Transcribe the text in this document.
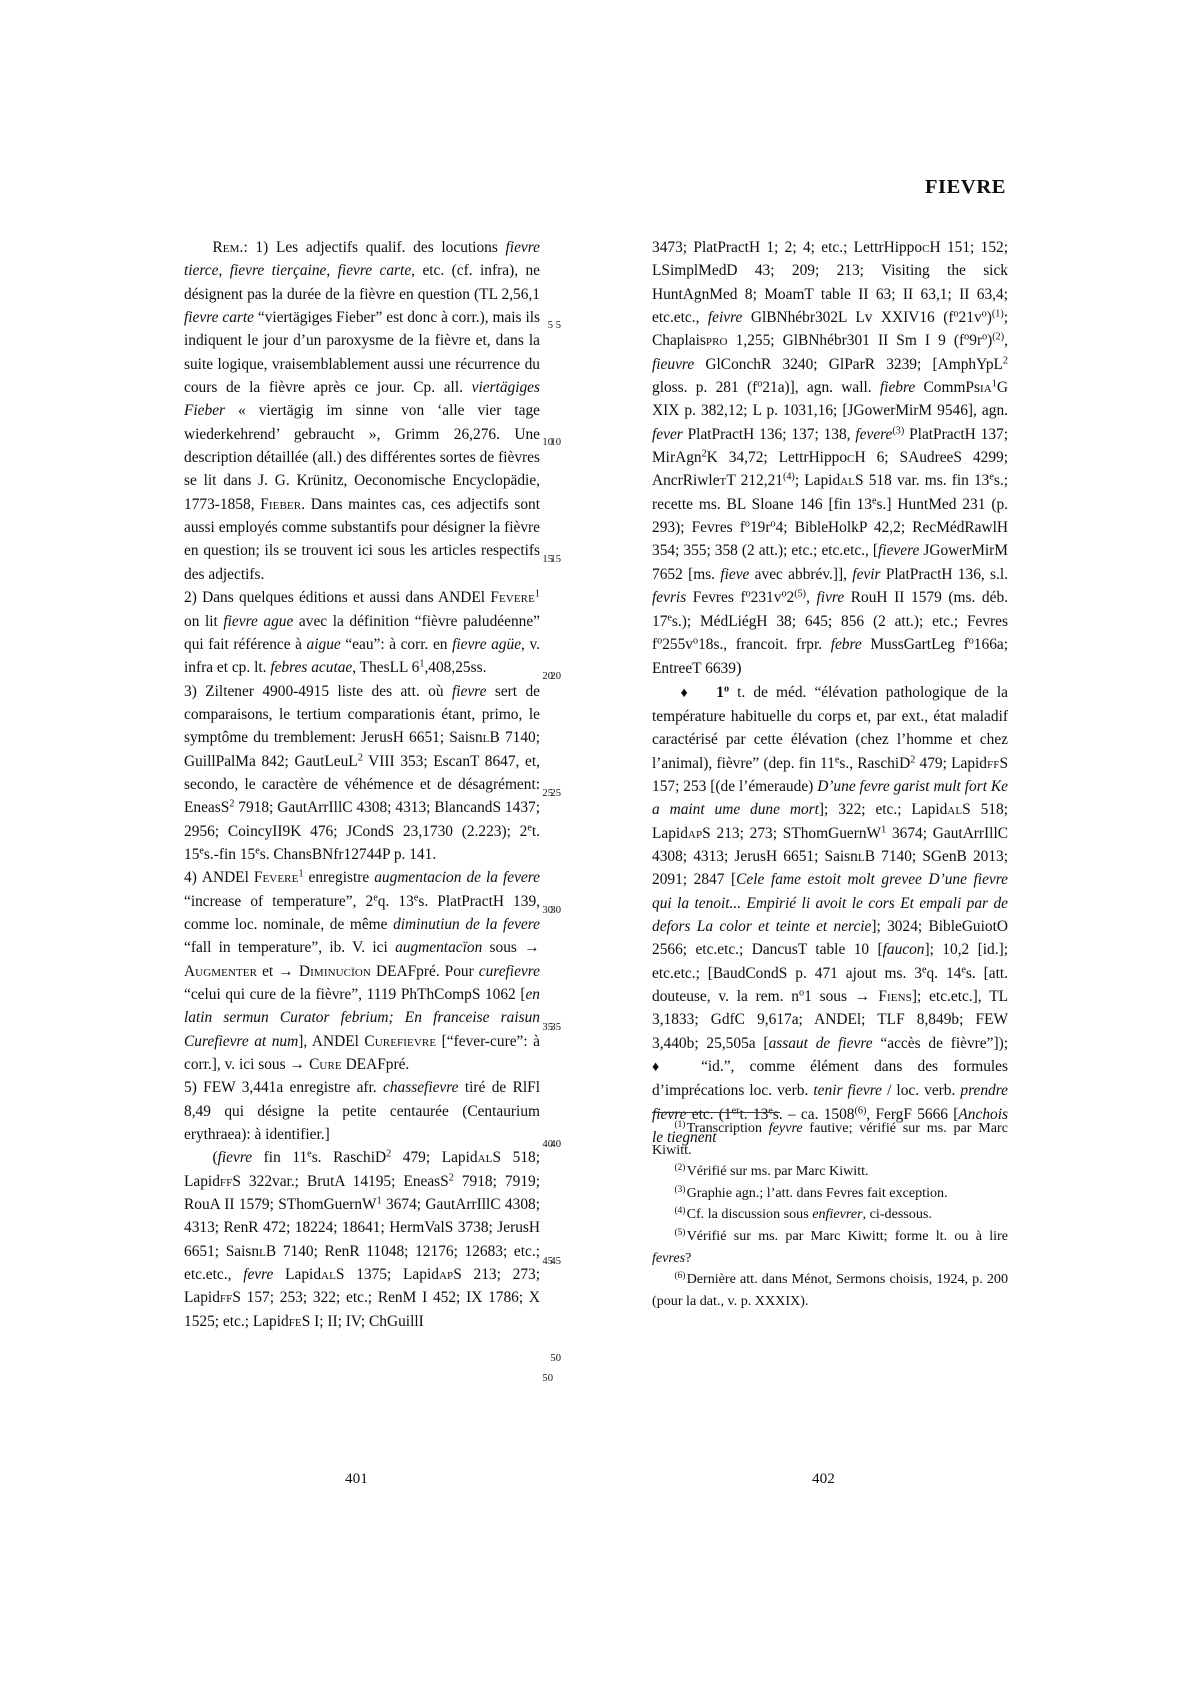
FIEVRE
5
10
15
20
25
30
35
40
45
50

Rem.: 1) Les adjectifs qualif. des locutions fievre tierce, fievre tierçaine, fievre carte, etc. (cf. infra), ne désignent pas la durée de la fièvre en question (TL 2,56,1 fievre carte “viertägiges Fieber” est donc à corr.), mais ils indiquent le jour d’un paroxysme de la fièvre et, dans la suite logique, vraisemblablement aussi une récurrence du cours de la fièvre après ce jour. Cp. all. viertägiges Fieber « viertägig im sinne von ‘alle vier tage wiederkehrend’ gebraucht », Grimm 26,276. Une description détaillée (all.) des différentes sortes de fièvres se lit dans J. G. Krünitz, Oeconomische Encyclopädie, 1773-1858, Fieber. Dans maintes cas, ces adjectifs sont aussi employés comme substantifs pour désigner la fièvre en question; ils se trouvent ici sous les articles respectifs des adjectifs.

2) Dans quelques éditions et aussi dans ANDEl Fevere$^1$ on lit fievre ague avec la définition “fièvre paludéenne” qui fait référence à aigue “eau”: à corr. en fievre agüe, v. infra et cp. lt. febres acutae, ThesLL $6^1,408,25ss$.

3) Ziltener 4900-4915 liste des att. où fievre sert de comparaisons, le tertium comparationis étant, primo, le symptôme du tremblement: JerusH 6651; SaisnlB 7140; GuillPalMa 842; GautLeuL$^2$ VIII 353; EscanT 8647, et, secondo, le caractère de véhémence et de désagrément: EneasS$^2$ 7918; GautArrIllC 4308; 4313; BlancandS 1437; 2956; CoincyII9K 476; JCondS 23,1730 (2.223); 2et. 15es.-fin 15es. ChansBNfr12744P p. 141.

4) ANDEl Fevere$^1$ enregistre augmentacion de la fevere “increase of temperature”, 2eq. 13es. PlatPractH 139, comme loc. nominale, de même diminutiun de la fevere “fall in temperature”, ib. V. ici augmentacïon sous → Augmenter et → Diminucïon DEAFpré. Pour curefievre “celui qui cure de la fièvre”, 1119 PhThCompS 1062 [en latin sermun Curator febrium; En franceise raisun Curefievre at num], ANDEl Curefievre [“fever-cure”: à corr.], v. ici sous → Cure DEAFpré.

5) FEW 3,441a enregistre afr. chassefievre tiré de RlFl 8,49 qui désigne la petite centaurée (Centaurium erythraea): à identifier.]

(fievre fin 11es. RaschiD$^2$ 479; LapidalS 518; LapidffS 322var.; BrutA 14195; EneasS$^2$ 7918; 7919; RouA II 1579; SThomGuernW$^1$ 3674; GautArrIllC 4308; 4313; RenR 472; 18224; 18641; HermValS 3738; JerusH 6651; SaisnlB 7140; RenR 11048; 12176; 12683; etc.; etc.etc., fevre LapidalS 1375; LapidapS 213; 273; LapidffS 157; 253; 322; etc.; RenM I 452; IX 1786; X 1525; etc.; LapidfeS I; II; IV; ChGuillI

3473; PlatPractH 1; 2; 4; etc.; LettrHippocH 151; 152; LSimplMedD 43; 209; 213; Visiting the sick HuntAgnMed 8; MoamT table II 63; II 63,1; II 63,4; etc.etc., feivre GlBNhébr302L Lv XXIV16 $(f^o21v^o)^{(1)}$; Chaplaispro 1,255; GlBNhébr301 II Sm I 9 $(f^o9r^o)^{(2)}$, fieuvre GlConchR 3240; GlParR 3239; [AmphYpL$^2$ gloss. p. 281 $(f^o21a)$], agn. wall. fiebre CommPsia$^1$G XIX p. 382,12; L p. 1031,16; [JGowerMirM 9546], agn. fever PlatPractH 136; 137; 138, fevere$^{(3)}$ PlatPractH 137; MirAgn$^2$K 34,72; LettrHippocH 6; SAudreeS 4299; AncrRiwletT 212,21$^{(4)}$; LapidalS 518 var. ms. fin 13es.; recette ms. BL Sloane 146 [fin 13es.] HuntMed 231 (p. 293); Fevres $f^o19r^o4$; BibleHolkP 42,2; RecMédRawlH 354; 355; 358 (2 att.); etc.; etc.etc., [fievere JGowerMirM 7652 [ms. fieve avec abbrév.]], fevir PlatPractH 136, s.l. fevris Fevres $f^o231v^o2^{(5)}$, fivre RouH II 1579 (ms. déb. 17es.); MédLiégH 38; 645; 856 (2 att.); etc.; Fevres $f^o255v^o18s$., francoit. frpr. febre MussGartLeg $f^o166a$; EntreeT 6639)

♦ 1$^o$ t. de méd. “élévation pathologique de la température habituelle du corps et, par ext., état maladif caractérisé par cette élévation (chez l’homme et chez l’animal), fièvre” (dep. fin 11es., RaschiD$^2$ 479; LapidffS 157; 253 [(de l’émeraude) D’une fevre garist mult fort Ke a maint ume dune mort]; 322; etc.; LapidalS 518; LapidapS 213; 273; SThomGuernW$^1$ 3674; GautArrIllC 4308; 4313; JerusH 6651; SaisnlB 7140; SGenB 2013; 2091; 2847 [Cele fame estoit molt grevee D’une fievre qui la tenoit... Empirié li avoit le cors Et empali par de defors La color et teinte et nercie]; 3024; BibleGuiotO 2566; etc.etc.; DancusT table 10 [faucon]; 10,2 [id.]; etc.etc.; [BaudCondS p. 471 ajout ms. 3eq. 14es. [att. douteuse, v. la rem. $n^o1$ sous → Fiens]; etc.etc.], TL 3,1833; GdfC 9,617a; ANDEl; TLF 8,849b; FEW 3,440b; 25,505a [assaut de fievre “accès de fièvre”]); ♦  “id.”, comme élément dans des formules d’imprécations loc. verb. tenir fievre / loc. verb. prendre fievre etc. (1ert. 13es. – ca. 1508$^{(6)}$, FergF 5666 [Anchois le tiegnent

5
10
15
20
25
30
35
40
45
50

$^{(1)}$ Transcription feyvre fautive; vérifié sur ms. par Marc Kiwitt.

$^{(2)}$ Vérifié sur ms. par Marc Kiwitt.

$^{(3)}$ Graphie agn.; l’att. dans Fevres fait exception.

$^{(4)}$ Cf. la discussion sous enfievrer, ci-dessous.

$^{(5)}$ Vérifié sur ms. par Marc Kiwitt; forme lt. ou à lire fevres?

$^{(6)}$ Dernière att. dans Ménot, Sermons choisis, 1924, p. 200 (pour la dat., v. p. XXXIX).

401	402
